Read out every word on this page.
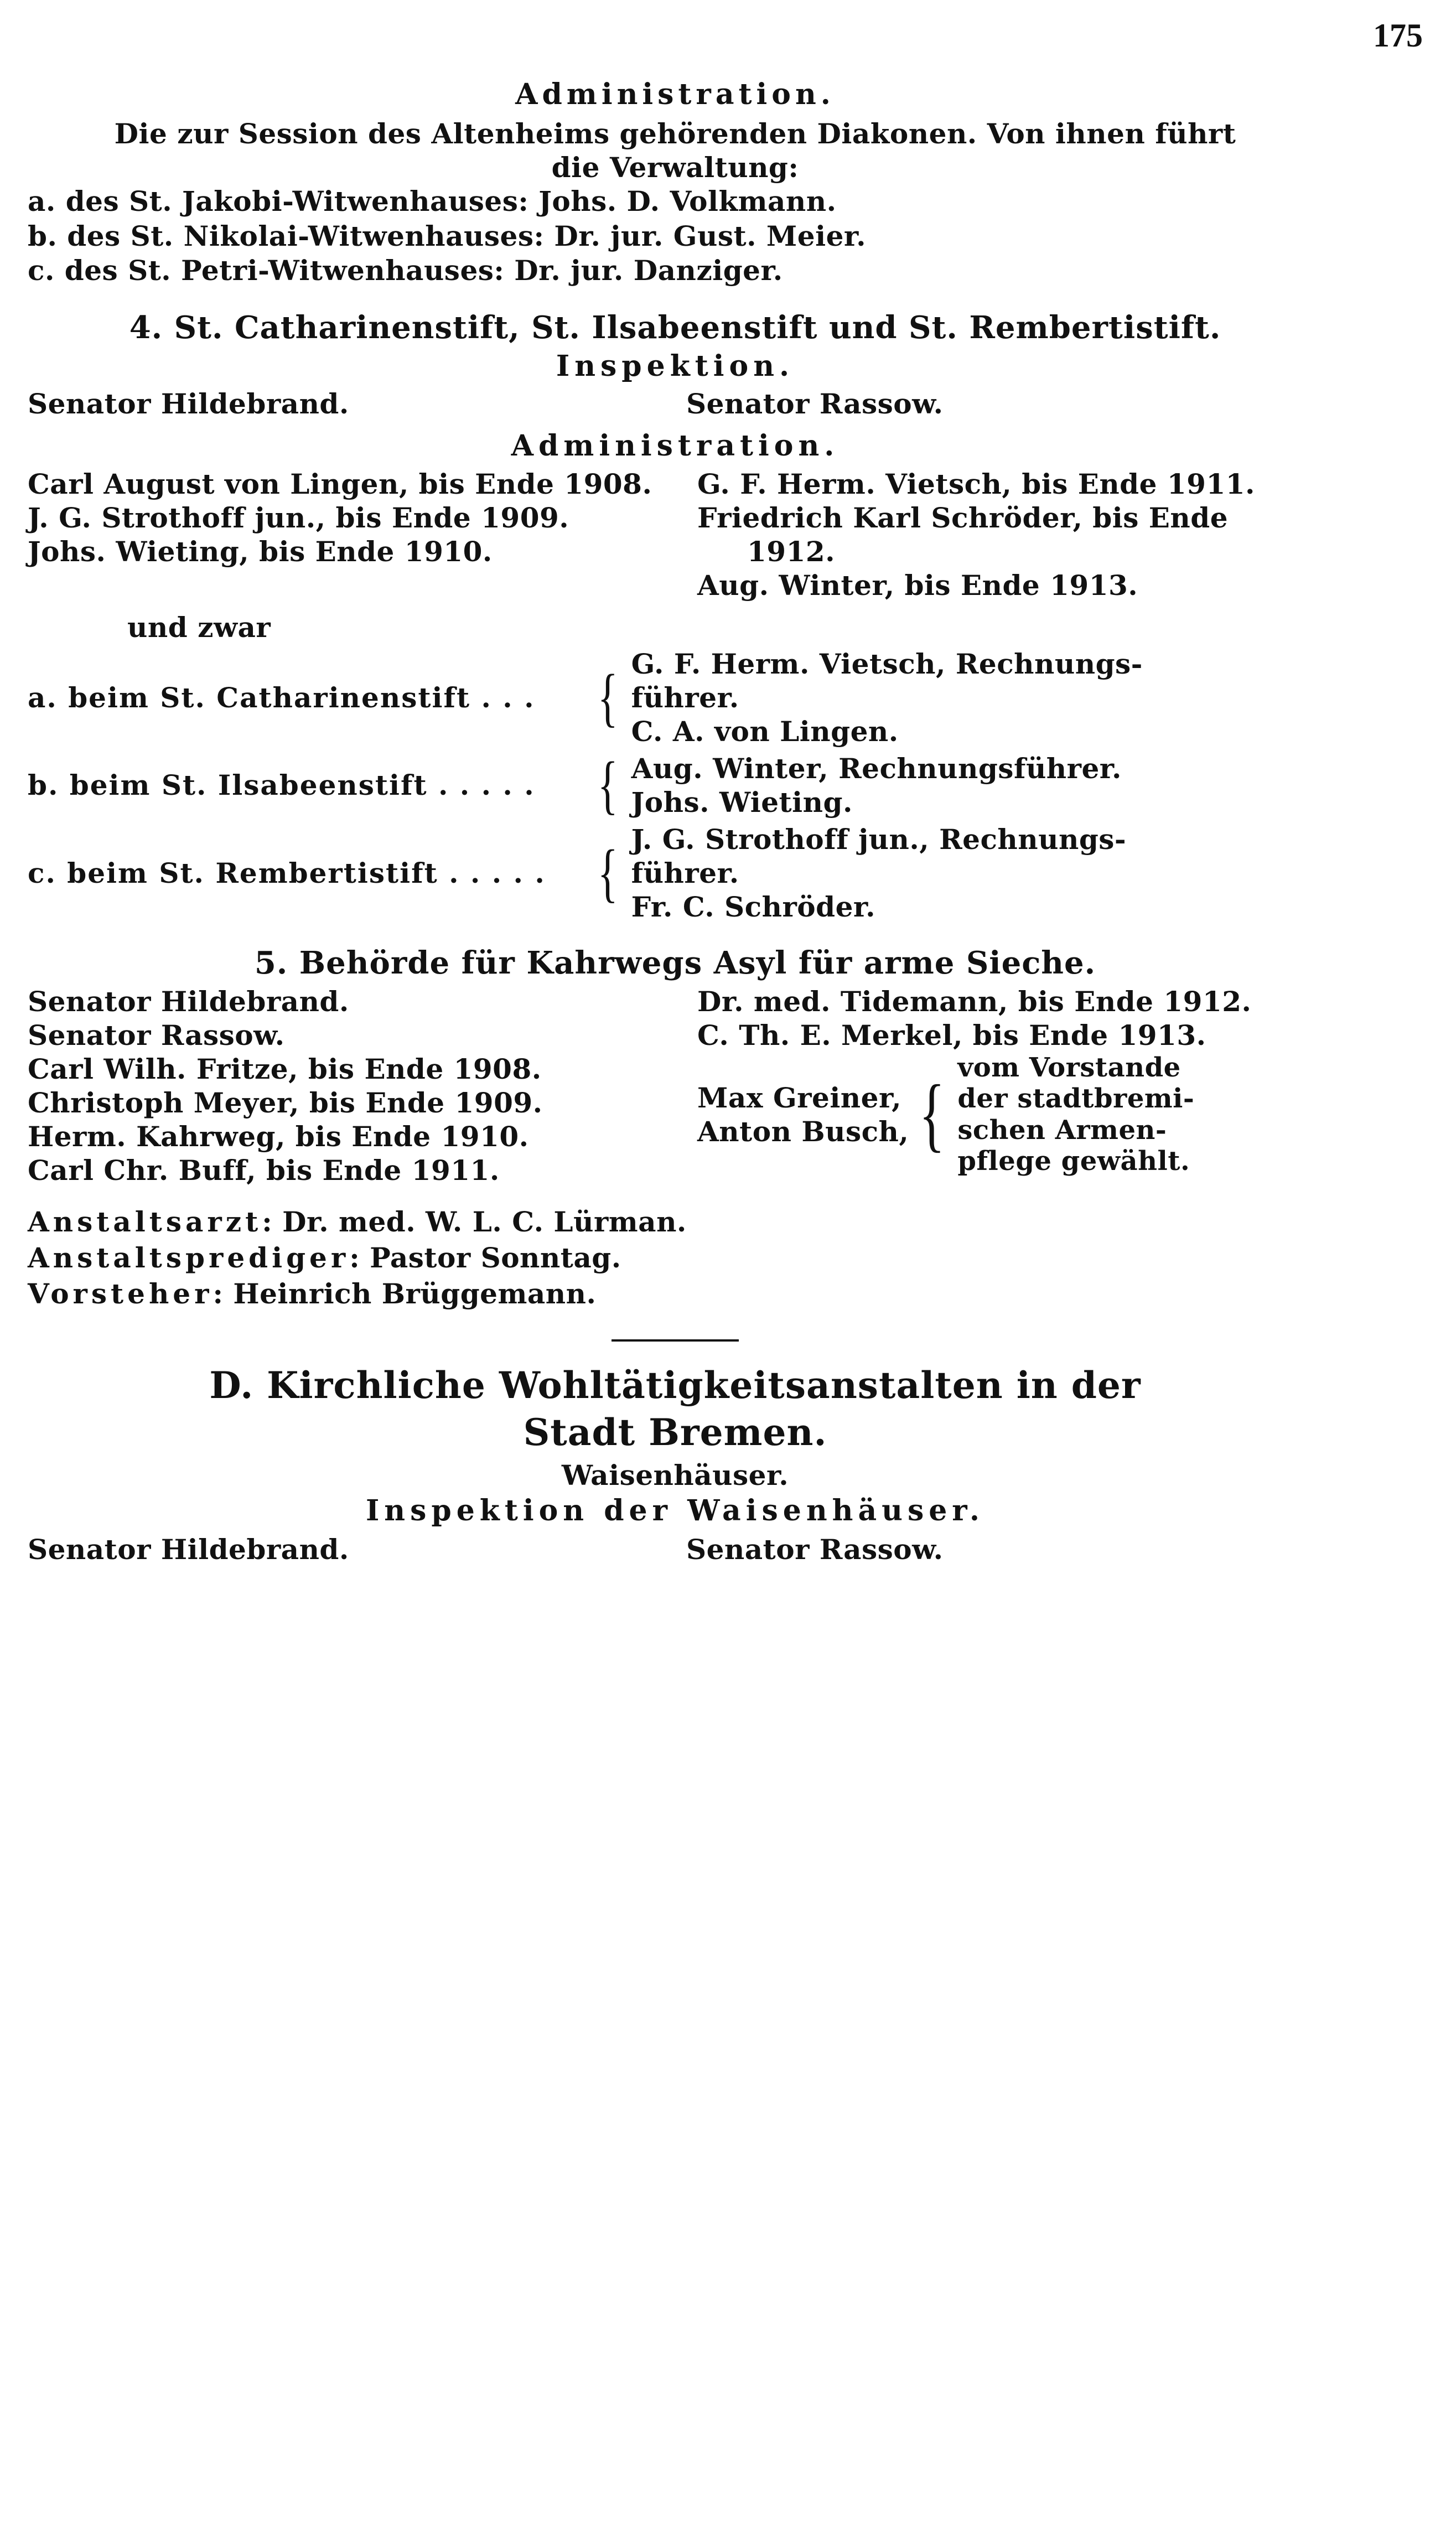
175
Administration.
Die zur Session des Altenheims gehörenden Diakonen. Von ihnen führt
die Verwaltung:
a. des St. Jakobi-Witwenhauses: Johs. D. Volkmann.
b. des St. Nikolai-Witwenhauses: Dr. jur. Gust. Meier.
c. des St. Petri-Witwenhauses: Dr. jur. Danziger.
4. St. Catharinenstift, St. Ilsabeenstift und St. Rembertistift.
Inspektion.
Senator Hildebrand.	Senator Rassow.
Administration.
Carl August von Lingen, bis Ende 1908.
J. G. Strothoff jun., bis Ende 1909.
Johs. Wieting, bis Ende 1910.
G. F. Herm. Vietsch, bis Ende 1911.
Friedrich Karl Schröder, bis Ende 1912.
Aug. Winter, bis Ende 1913.
und zwar
a. beim St. Catharinenstift . . . { G. F. Herm. Vietsch, Rechnungs-
führer.
C. A. von Lingen.
b. beim St. Ilsabeenstift . . . . . { Aug. Winter, Rechnungsführer.
Johs. Wieting.
c. beim St. Rembertistift . . . . . { J. G. Strothoff jun., Rechnungs-
führer.
Fr. C. Schröder.
5. Behörde für Kahrwegs Asyl für arme Sieche.
Senator Hildebrand.
Senator Rassow.
Carl Wilh. Fritze, bis Ende 1908.
Christoph Meyer, bis Ende 1909.
Herm. Kahrweg, bis Ende 1910.
Carl Chr. Buff, bis Ende 1911.
Dr. med. Tidemann, bis Ende 1912.
C. Th. E. Merkel, bis Ende 1913.
Max Greiner,
Anton Busch, {
vom Vorstande
der stadtbremi-
schen Armen-
pflege gewählt.
Anstaltsarzt: Dr. med. W. L. C. Lürman.
Anstaltsprediger: Pastor Sonntag.
Vorsteher: Heinrich Brüggemann.
D. Kirchliche Wohltätigkeitsanstalten in der
Stadt Bremen.
Waisenhäuser.
Inspektion der Waisenhäuser.
Senator Hildebrand.	Senator Rassow.
